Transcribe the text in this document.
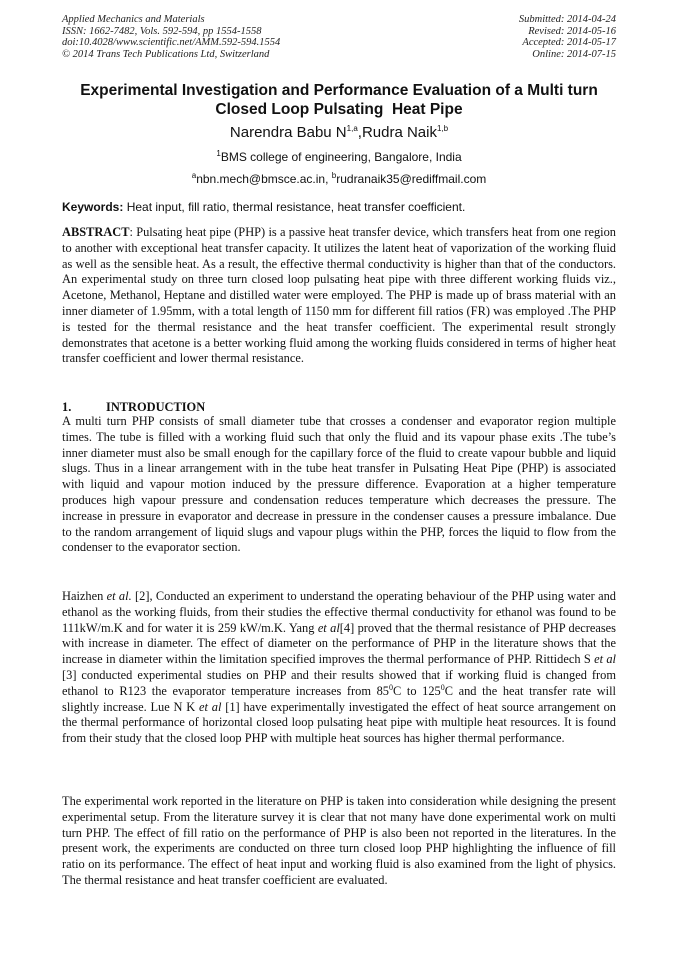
Applied Mechanics and Materials
ISSN: 1662-7482, Vols. 592-594, pp 1554-1558
doi:10.4028/www.scientific.net/AMM.592-594.1554
© 2014 Trans Tech Publications Ltd, Switzerland
Submitted: 2014-04-24
Revised: 2014-05-16
Accepted: 2014-05-17
Online: 2014-07-15
Experimental Investigation and Performance Evaluation of a Multi turn
Closed Loop Pulsating  Heat Pipe
Narendra Babu N$^{1,a}$,Rudra Naik$^{1,b}$
$^1$BMS college of engineering, Bangalore, India
$^a$nbn.mech@bmsce.ac.in, $^b$rudranaik35@rediffmail.com
Keywords: Heat input, fill ratio, thermal resistance, heat transfer coefficient.
ABSTRACT: Pulsating heat pipe (PHP) is a passive heat transfer device, which transfers heat from one region to another with exceptional heat transfer capacity. It utilizes the latent heat of vaporization of the working fluid as well as the sensible heat. As a result, the effective thermal conductivity is higher than that of the conductors. An experimental study on three turn closed loop pulsating heat pipe with three different working fluids viz., Acetone, Methanol, Heptane and distilled water were employed. The PHP is made up of brass material with an inner diameter of 1.95mm, with a total length of 1150 mm for different fill ratios (FR) was employed .The PHP is tested for the thermal resistance and the heat transfer coefficient. The experimental result strongly demonstrates that acetone is a better working fluid among the working fluids considered in terms of higher heat transfer coefficient and lower thermal resistance.
1.	INTRODUCTION
A multi turn PHP consists of small diameter tube that crosses a condenser and evaporator region multiple times. The tube is filled with a working fluid such that only the fluid and its vapour phase exits .The tube’s inner diameter must also be small enough for the capillary force of the fluid to create vapour bubble and liquid slugs. Thus in a linear arrangement with in the tube heat transfer in Pulsating Heat Pipe (PHP) is associated with liquid and vapour motion induced by the pressure difference. Evaporation at a higher temperature produces high vapour pressure and condensation reduces temperature which decreases the pressure. The increase in pressure in evaporator and decrease in pressure in the condenser causes a pressure imbalance. Due to the random arrangement of liquid slugs and vapour plugs within the PHP, forces the liquid to flow from the condenser to the evaporator section.
Haizhen et al. [2], Conducted an experiment to understand the operating behaviour of the PHP using water and ethanol as the working fluids, from their studies the effective thermal conductivity for ethanol was found to be 111kW/m.K and for water it is 259 kW/m.K. Yang et al[4] proved that the thermal resistance of PHP decreases with increase in diameter. The effect of diameter on the performance of PHP in the literature shows that the increase in diameter within the limitation specified improves the thermal performance of PHP. Rittidech S et al [3] conducted experimental studies on PHP and their results showed that if working fluid is changed from ethanol to R123 the evaporator temperature increases from $85^0C$ to $125^0C$ and the heat transfer rate will slightly increase. Lue N K et al [1] have experimentally investigated the effect of heat source arrangement on the thermal performance of horizontal closed loop pulsating heat pipe with multiple heat resources. It is found from their study that the closed loop PHP with multiple heat sources has higher thermal performance.
The experimental work reported in the literature on PHP is taken into consideration while designing the present experimental setup. From the literature survey it is clear that not many have done experimental work on multi turn PHP. The effect of fill ratio on the performance of PHP is also been not reported in the literatures. In the present work, the experiments are conducted on three turn closed loop PHP highlighting the influence of fill ratio on its performance. The effect of heat input and working fluid is also examined from the light of physics. The thermal resistance and heat transfer coefficient are evaluated.
